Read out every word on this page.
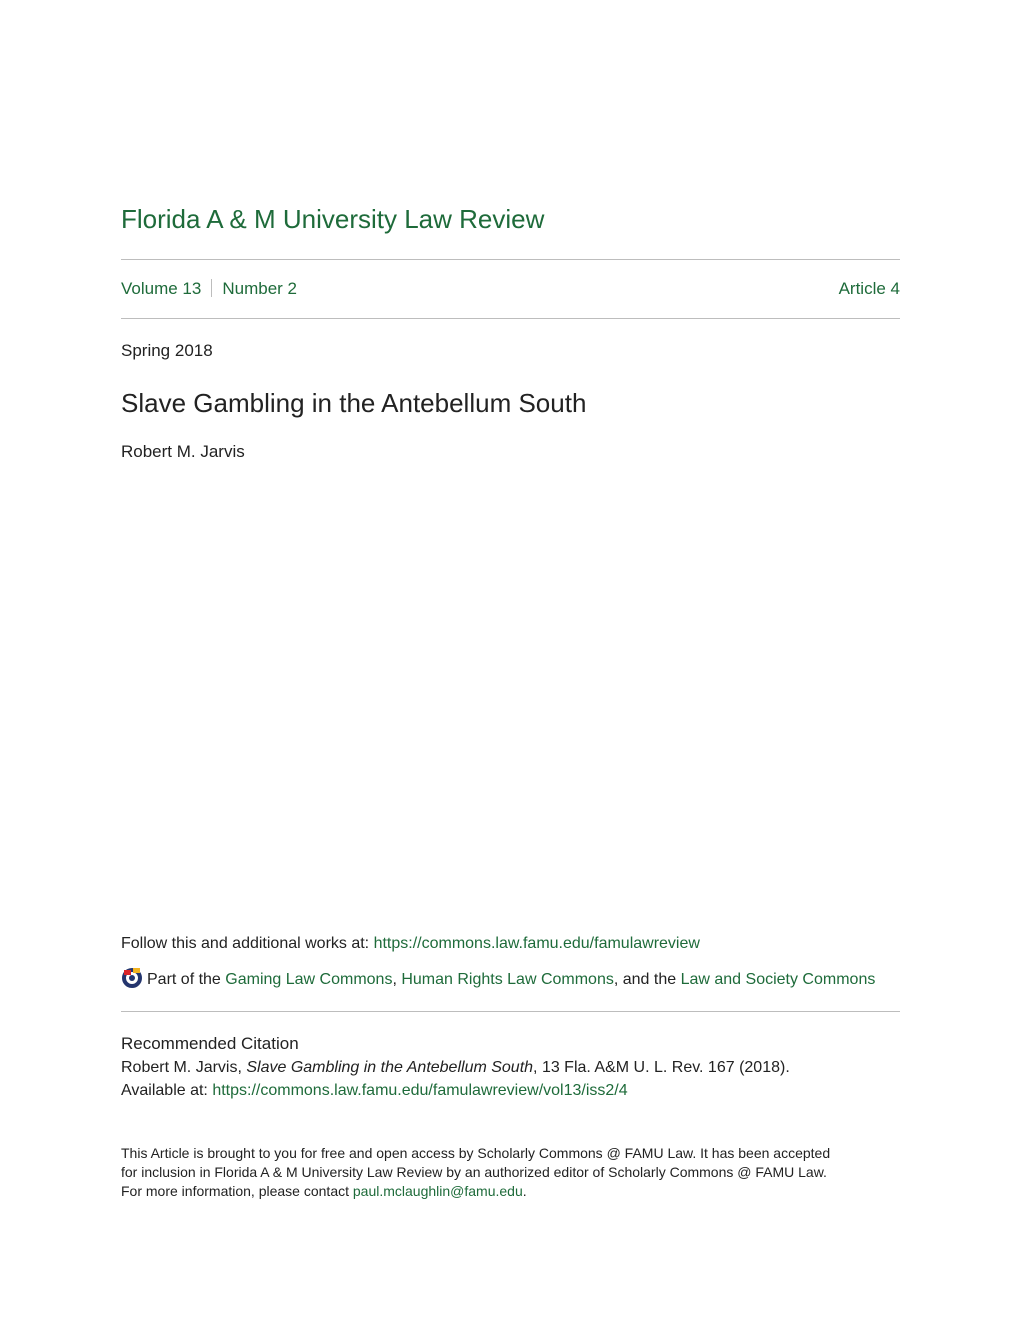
Florida A & M University Law Review
Volume 13 Number 2	Article 4
Spring 2018
Slave Gambling in the Antebellum South
Robert M. Jarvis
Follow this and additional works at: https://commons.law.famu.edu/famulawreview
Part of the Gaming Law Commons, Human Rights Law Commons, and the Law and Society Commons
Recommended Citation
Robert M. Jarvis, Slave Gambling in the Antebellum South, 13 Fla. A&M U. L. Rev. 167 (2018).
Available at: https://commons.law.famu.edu/famulawreview/vol13/iss2/4
This Article is brought to you for free and open access by Scholarly Commons @ FAMU Law. It has been accepted
for inclusion in Florida A & M University Law Review by an authorized editor of Scholarly Commons @ FAMU Law.
For more information, please contact paul.mclaughlin@famu.edu.
